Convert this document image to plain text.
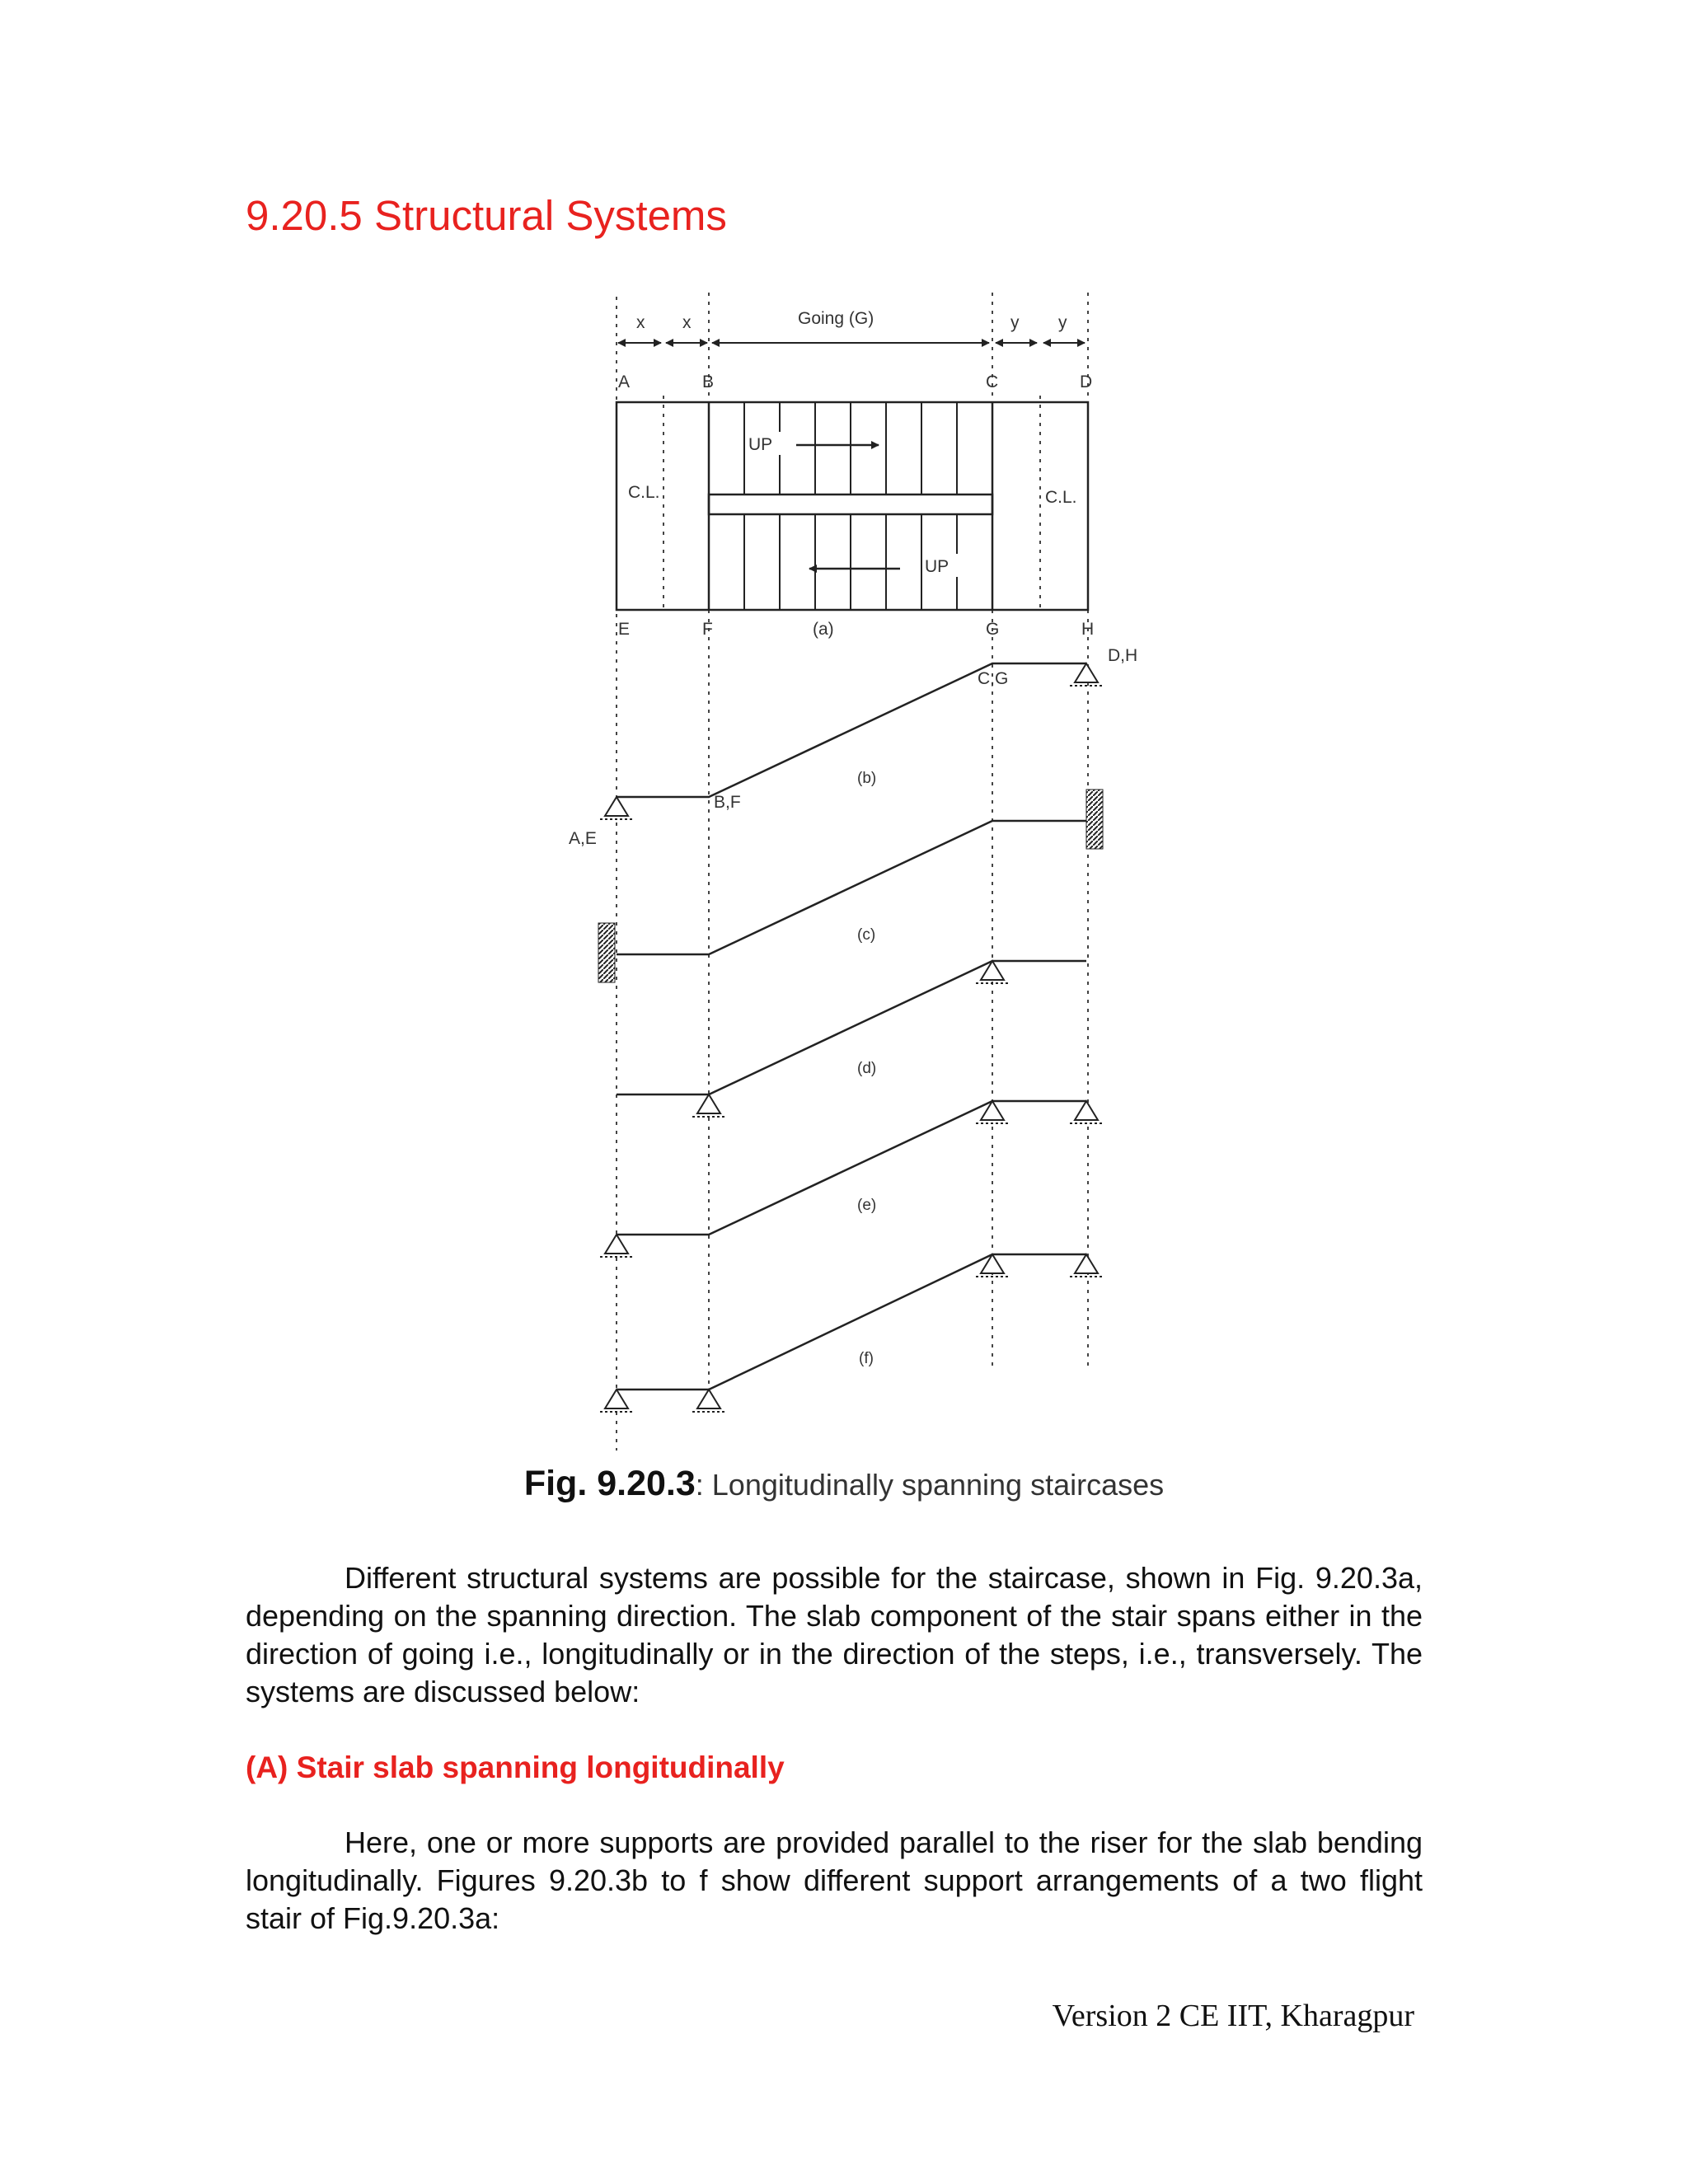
9.20.5 Structural Systems
x x	Going (G)	y y
A	B	C	D
UP
UP
C.L.	C.L.
E	F	(a)	G	H
A,E
B,F
C,G
D,H
(b)
(c)
(d)
(e)
(f)
Fig. 9.20.3: Longitudinally spanning staircases

Different structural systems are possible for the staircase, shown in Fig. 9.20.3a, depending on the spanning direction. The slab component of the stair spans either in the direction of going i.e., longitudinally or in the direction of the steps, i.e., transversely. The systems are discussed below:

(A) Stair slab spanning longitudinally

Here, one or more supports are provided parallel to the riser for the slab bending longitudinally. Figures 9.20.3b to f show different support arrangements of a two flight stair of Fig.9.20.3a:

Version 2 CE IIT, Kharagpur
